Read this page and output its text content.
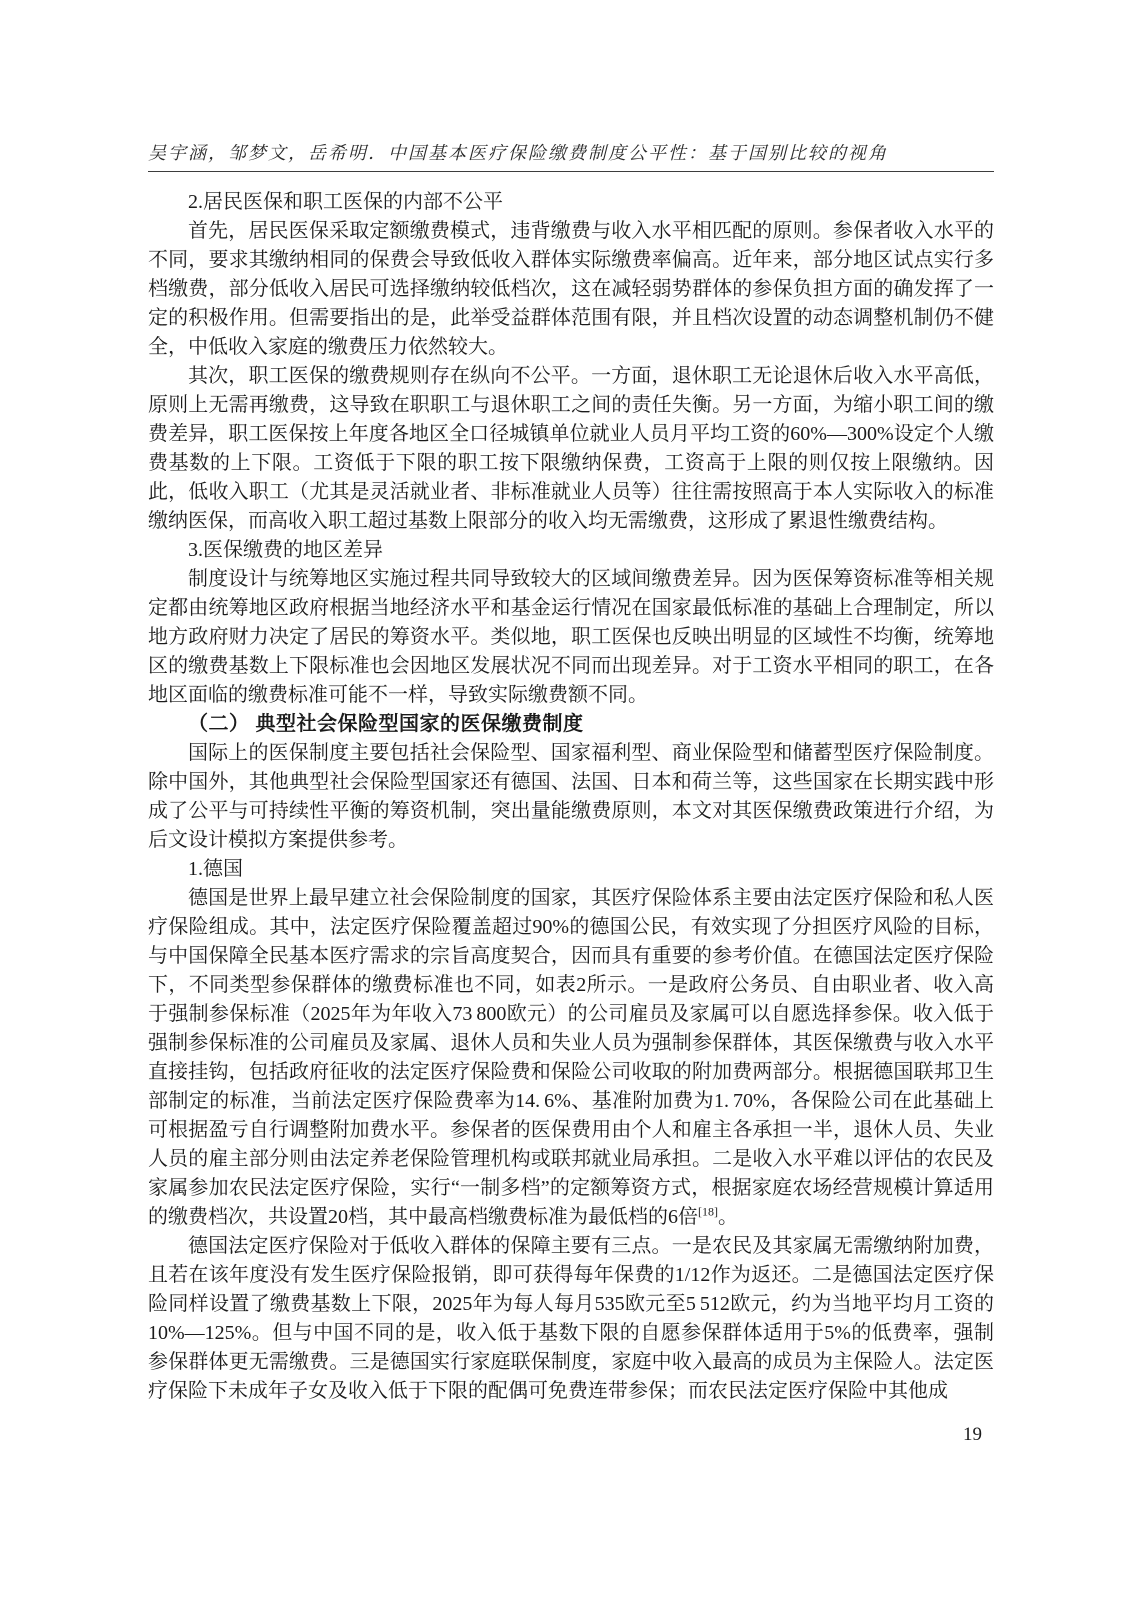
吴宇涵，邹梦文，岳希明．中国基本医疗保险缴费制度公平性：基于国别比较的视角
2.居民医保和职工医保的内部不公平

首先，居民医保采取定额缴费模式，违背缴费与收入水平相匹配的原则。参保者收入水平的不同，要求其缴纳相同的保费会导致低收入群体实际缴费率偏高。近年来，部分地区试点实行多档缴费，部分低收入居民可选择缴纳较低档次，这在减轻弱势群体的参保负担方面的确发挥了一定的积极作用。但需要指出的是，此举受益群体范围有限，并且档次设置的动态调整机制仍不健全，中低收入家庭的缴费压力依然较大。

其次，职工医保的缴费规则存在纵向不公平。一方面，退休职工无论退休后收入水平高低，原则上无需再缴费，这导致在职职工与退休职工之间的责任失衡。另一方面，为缩小职工间的缴费差异，职工医保按上年度各地区全口径城镇单位就业人员月平均工资的60%—300%设定个人缴费基数的上下限。工资低于下限的职工按下限缴纳保费，工资高于上限的则仅按上限缴纳。因此，低收入职工（尤其是灵活就业者、非标准就业人员等）往往需按照高于本人实际收入的标准缴纳医保，而高收入职工超过基数上限部分的收入均无需缴费，这形成了累退性缴费结构。

3.医保缴费的地区差异

制度设计与统筹地区实施过程共同导致较大的区域间缴费差异。因为医保筹资标准等相关规定都由统筹地区政府根据当地经济水平和基金运行情况在国家最低标准的基础上合理制定，所以地方政府财力决定了居民的筹资水平。类似地，职工医保也反映出明显的区域性不均衡，统筹地区的缴费基数上下限标准也会因地区发展状况不同而出现差异。对于工资水平相同的职工，在各地区面临的缴费标准可能不一样，导致实际缴费额不同。

（二） 典型社会保险型国家的医保缴费制度

国际上的医保制度主要包括社会保险型、国家福利型、商业保险型和储蓄型医疗保险制度。除中国外，其他典型社会保险型国家还有德国、法国、日本和荷兰等，这些国家在长期实践中形成了公平与可持续性平衡的筹资机制，突出量能缴费原则，本文对其医保缴费政策进行介绍，为后文设计模拟方案提供参考。

1.德国

德国是世界上最早建立社会保险制度的国家，其医疗保险体系主要由法定医疗保险和私人医疗保险组成。其中，法定医疗保险覆盖超过90%的德国公民，有效实现了分担医疗风险的目标，与中国保障全民基本医疗需求的宗旨高度契合，因而具有重要的参考价值。在德国法定医疗保险下，不同类型参保群体的缴费标准也不同，如表2所示。一是政府公务员、自由职业者、收入高于强制参保标准（2025年为年收入73 800欧元）的公司雇员及家属可以自愿选择参保。收入低于强制参保标准的公司雇员及家属、退休人员和失业人员为强制参保群体，其医保缴费与收入水平直接挂钩，包括政府征收的法定医疗保险费和保险公司收取的附加费两部分。根据德国联邦卫生部制定的标准，当前法定医疗保险费率为14. 6%、基准附加费为1. 70%，各保险公司在此基础上可根据盈亏自行调整附加费水平。参保者的医保费用由个人和雇主各承担一半，退休人员、失业人员的雇主部分则由法定养老保险管理机构或联邦就业局承担。二是收入水平难以评估的农民及家属参加农民法定医疗保险，实行“一制多档”的定额筹资方式，根据家庭农场经营规模计算适用的缴费档次，共设置20档，其中最高档缴费标准为最低档的6倍[18]。

德国法定医疗保险对于低收入群体的保障主要有三点。一是农民及其家属无需缴纳附加费，且若在该年度没有发生医疗保险报销，即可获得每年保费的1/12作为返还。二是德国法定医疗保险同样设置了缴费基数上下限，2025年为每人每月535欧元至5 512欧元，约为当地平均月工资的10%—125%。但与中国不同的是，收入低于基数下限的自愿参保群体适用于5%的低费率，强制参保群体更无需缴费。三是德国实行家庭联保制度，家庭中收入最高的成员为主保险人。法定医疗保险下未成年子女及收入低于下限的配偶可免费连带参保；而农民法定医疗保险中其他成

19
